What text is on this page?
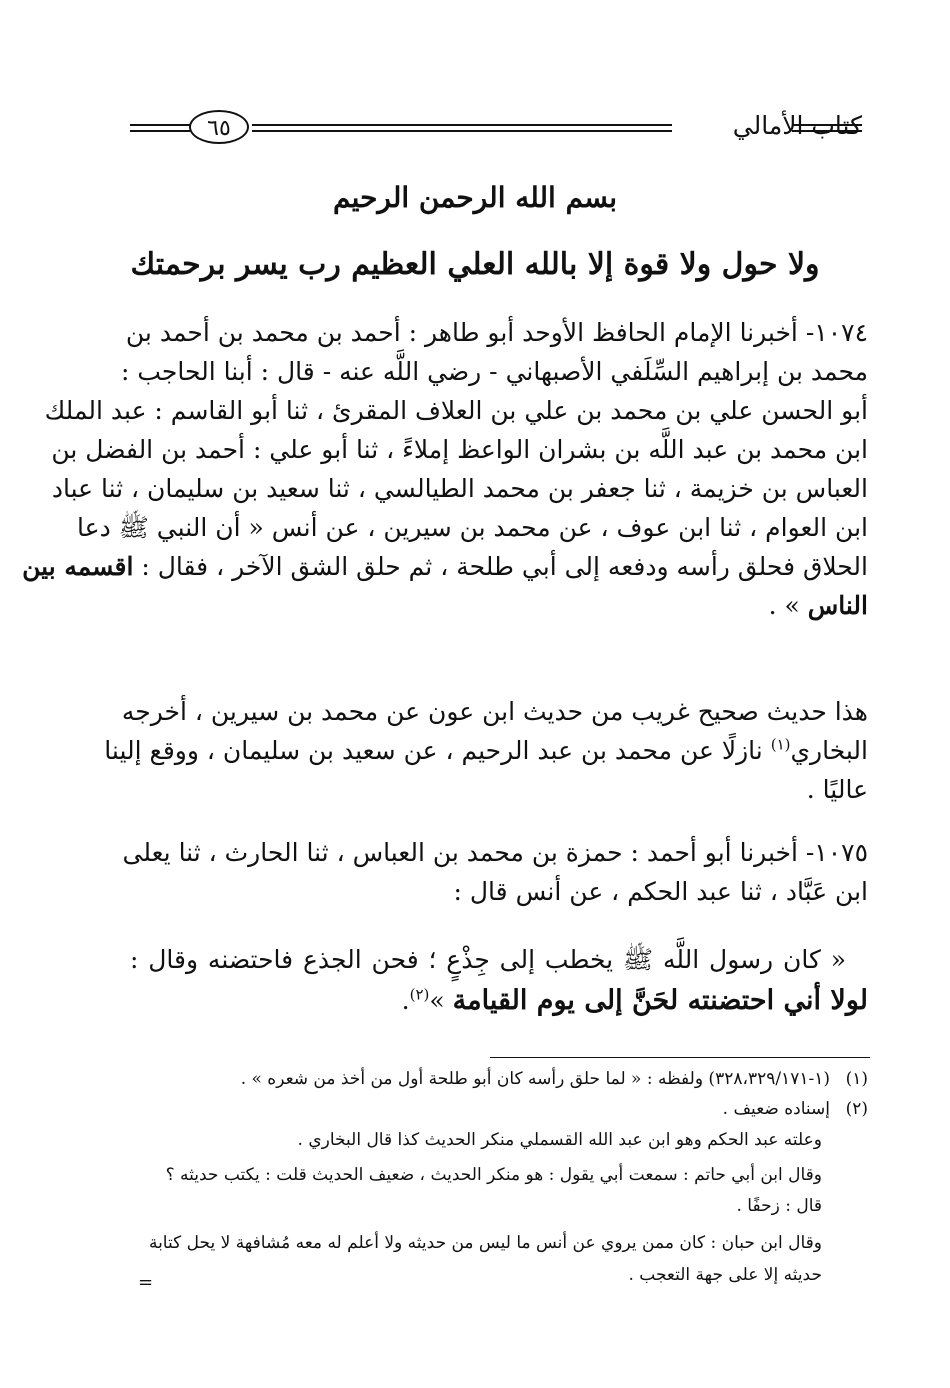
كتاب الأمالي
٦٥
بسم الله الرحمن الرحيم
ولا حول ولا قوة إلا بالله العلي العظيم رب يسر برحمتك
١٠٧٤- أخبرنا الإمام الحافظ الأوحد أبو طاهر : أحمد بن محمد بن أحمد بن
محمد بن إبراهيم السِّلَفي الأصبهاني - رضي اللَّه عنه - قال : أبنا الحاجب :
أبو الحسن علي بن محمد بن علي بن العلاف المقرئ ، ثنا أبو القاسم : عبد الملك
ابن محمد بن عبد اللَّه بن بشران الواعظ إملاءً ، ثنا أبو علي : أحمد بن الفضل بن
العباس بن خزيمة ، ثنا جعفر بن محمد الطيالسي ، ثنا سعيد بن سليمان ، ثنا عباد
ابن العوام ، ثنا ابن عوف ، عن محمد بن سيرين ، عن أنس « أن النبي ﷺ دعا
الحلاق فحلق رأسه ودفعه إلى أبي طلحة ، ثم حلق الشق الآخر ، فقال : اقسمه بين
الناس » .
هذا حديث صحيح غريب من حديث ابن عون عن محمد بن سيرين ، أخرجه
البخاري$^{(١)}$ نازلًا عن محمد بن عبد الرحيم ، عن سعيد بن سليمان ، ووقع إلينا
عاليًا .
١٠٧٥- أخبرنا أبو أحمد : حمزة بن محمد بن العباس ، ثنا الحارث ، ثنا يعلى
ابن عَبَّاد ، ثنا عبد الحكم ، عن أنس قال :
« كان رسول اللَّه ﷺ يخطب إلى جِذْعٍ ؛ فحن الجذع فاحتضنه وقال :
لولا أني احتضنته لحَنَّ إلى يوم القيامة »$^{(٢)}$.
(١)
(١-٣٢٨،٣٢٩/١٧١) ولفظه : « لما حلق رأسه كان أبو طلحة أول من أخذ من شعره » .
(٢)
إسناده ضعيف .
وعلته عبد الحكم وهو ابن عبد الله القسملي منكر الحديث كذا قال البخاري .
وقال ابن أبي حاتم : سمعت أبي يقول : هو منكر الحديث ، ضعيف الحديث قلت : يكتب حديثه ؟
قال : زحفًا .
وقال ابن حبان : كان ممن يروي عن أنس ما ليس من حديثه ولا أعلم له معه مُشافهة لا يحل كتابة
حديثه إلا على جهة التعجب .
=
